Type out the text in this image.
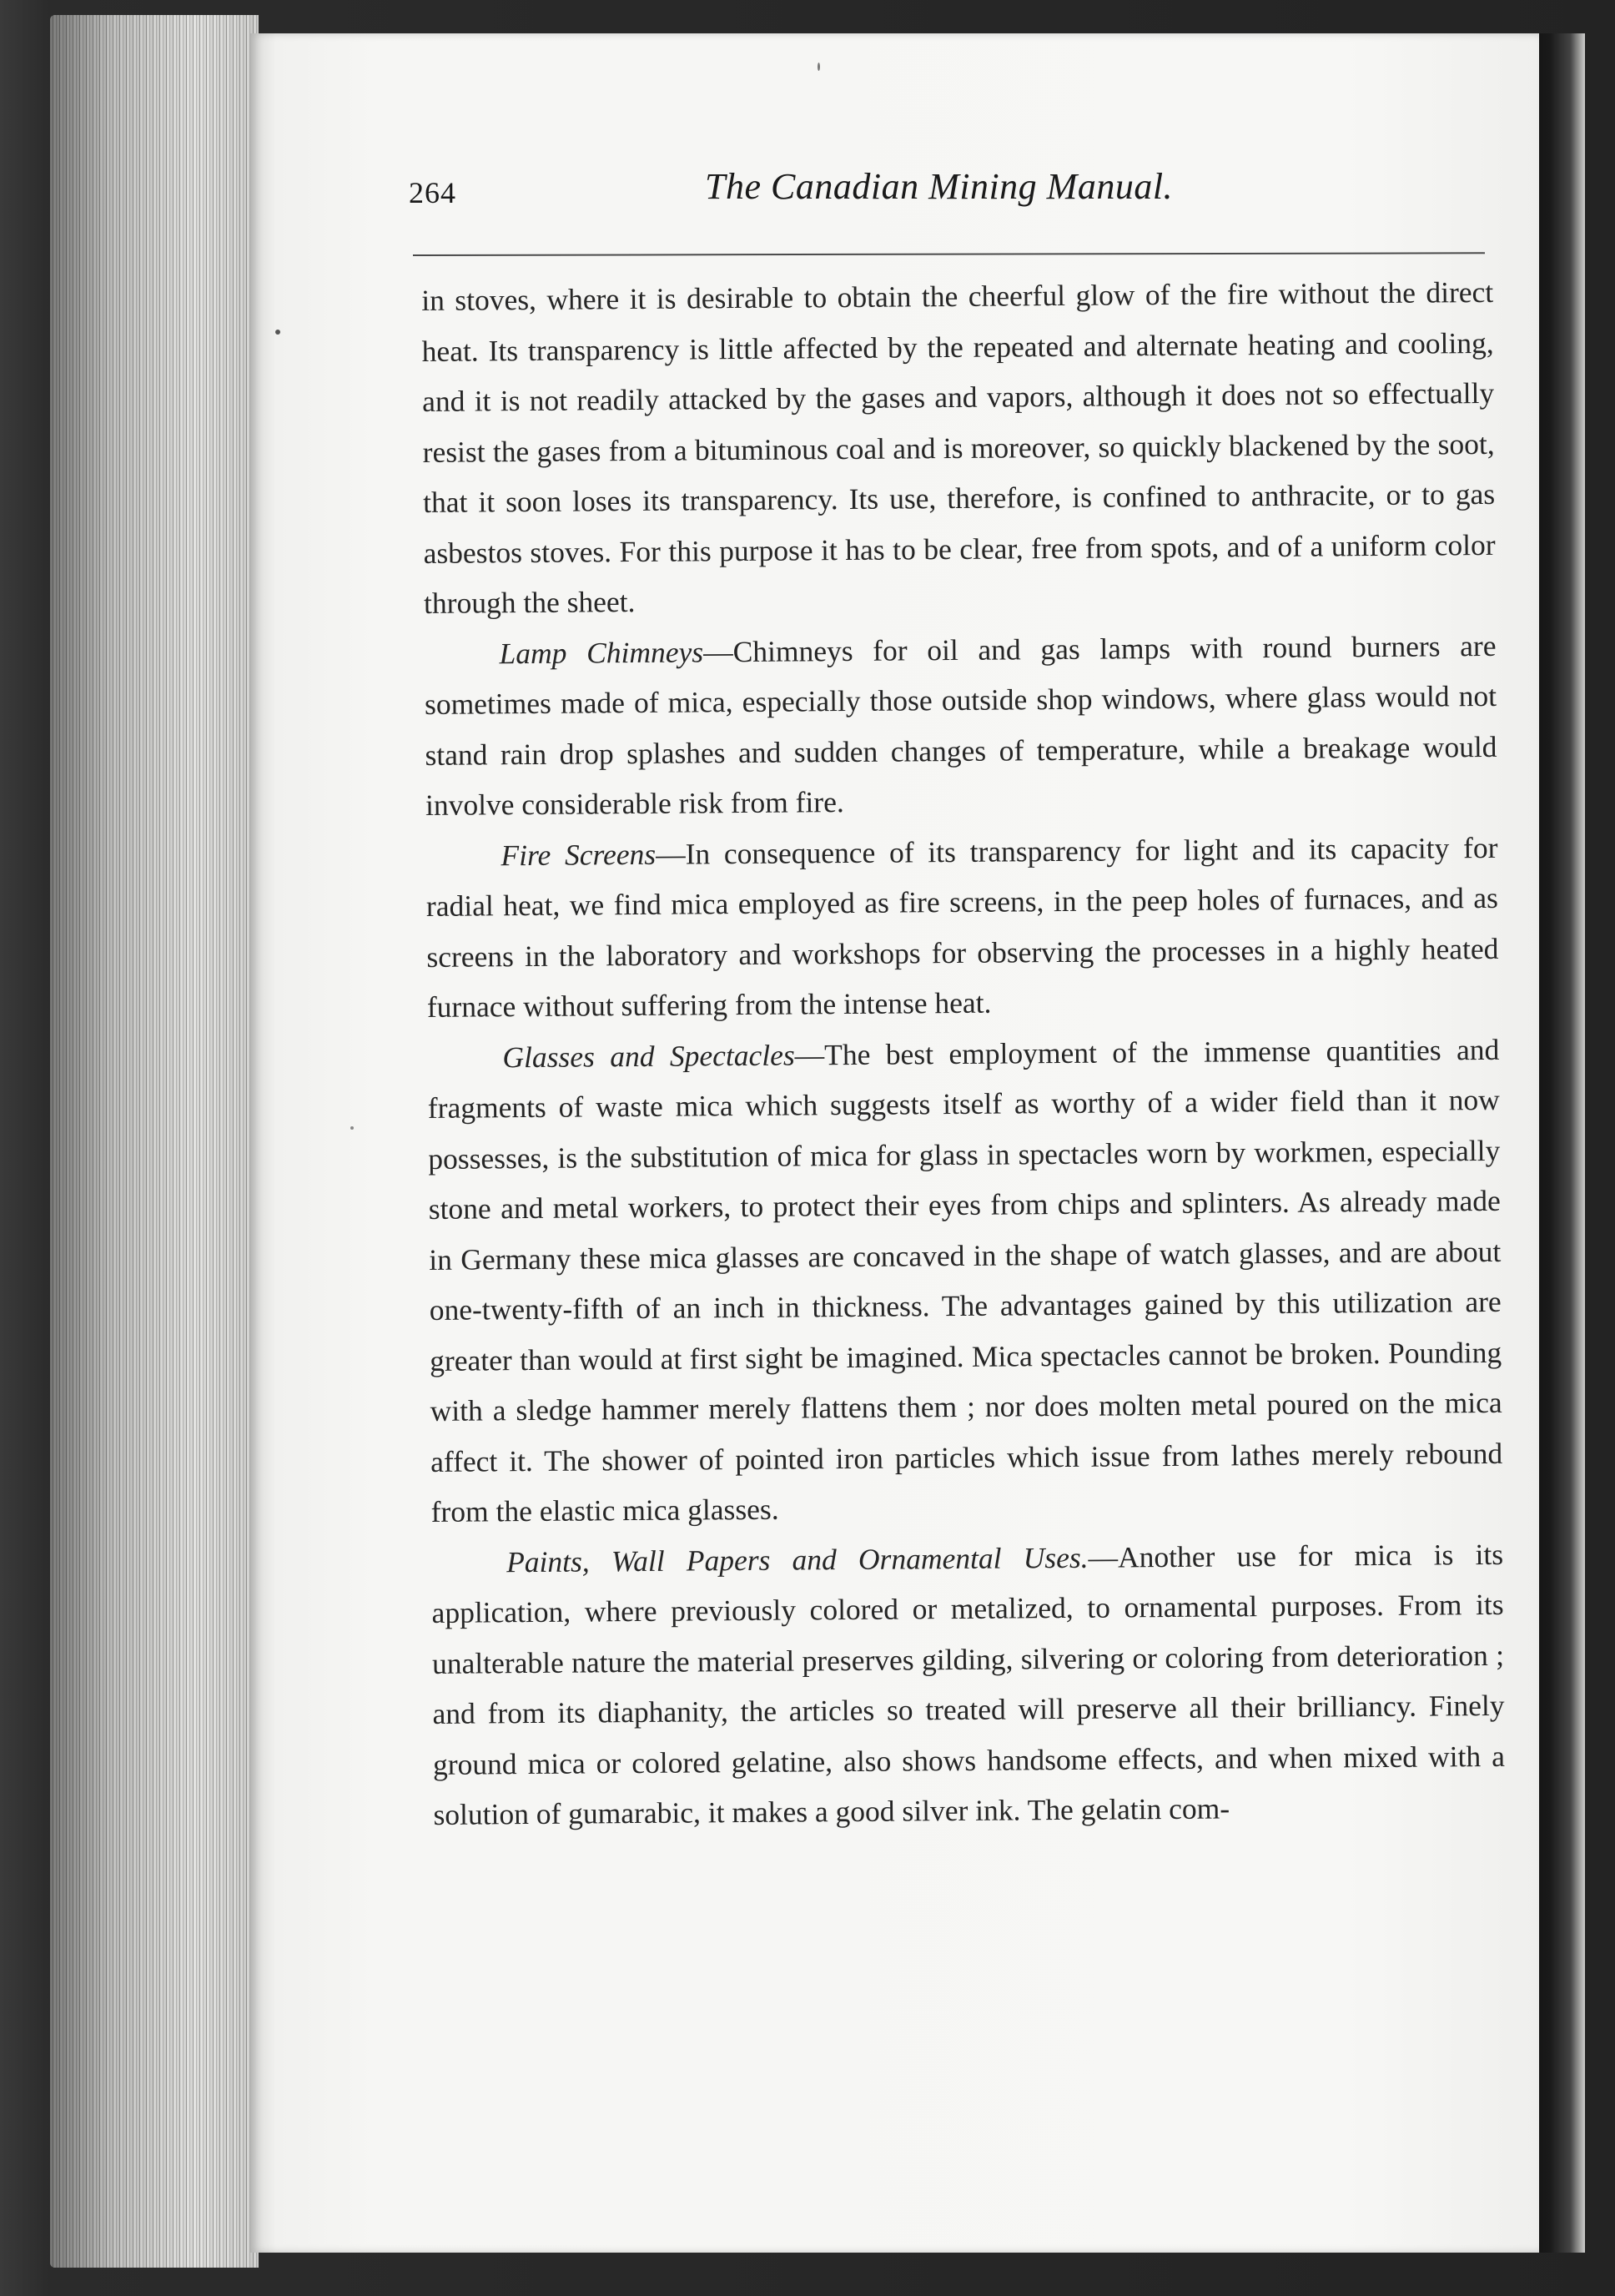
264	The Canadian Mining Manual.

in stoves, where it is desirable to obtain the cheerful glow of the fire without the direct heat. Its transparency is little affected by the repeated and alternate heating and cooling, and it is not readily attacked by the gases and vapors, although it does not so effectually resist the gases from a bituminous coal and is moreover, so quickly blackened by the soot, that it soon loses its transparency. Its use, therefore, is confined to anthracite, or to gas asbestos stoves. For this purpose it has to be clear, free from spots, and of a uniform color through the sheet.

Lamp Chimneys—Chimneys for oil and gas lamps with round burners are sometimes made of mica, especially those outside shop windows, where glass would not stand rain drop splashes and sudden changes of temperature, while a breakage would involve considerable risk from fire.

Fire Screens—In consequence of its transparency for light and its capacity for radial heat, we find mica employed as fire screens, in the peep holes of furnaces, and as screens in the laboratory and workshops for observing the processes in a highly heated furnace without suffering from the intense heat.

Glasses and Spectacles—The best employment of the immense quantities and fragments of waste mica which suggests itself as worthy of a wider field than it now possesses, is the substitution of mica for glass in spectacles worn by workmen, especially stone and metal workers, to protect their eyes from chips and splinters. As already made in Germany these mica glasses are concaved in the shape of watch glasses, and are about one-twenty-fifth of an inch in thickness. The advantages gained by this utilization are greater than would at first sight be imagined. Mica spectacles cannot be broken. Pounding with a sledge hammer merely flattens them ; nor does molten metal poured on the mica affect it. The shower of pointed iron particles which issue from lathes merely rebound from the elastic mica glasses.

Paints, Wall Papers and Ornamental Uses.—Another use for mica is its application, where previously colored or metalized, to ornamental purposes. From its unalterable nature the material preserves gilding, silvering or coloring from deterioration ; and from its diaphanity, the articles so treated will preserve all their brilliancy. Finely ground mica or colored gelatine, also shows handsome effects, and when mixed with a solution of gumarabic, it makes a good silver ink. The gelatin com-
